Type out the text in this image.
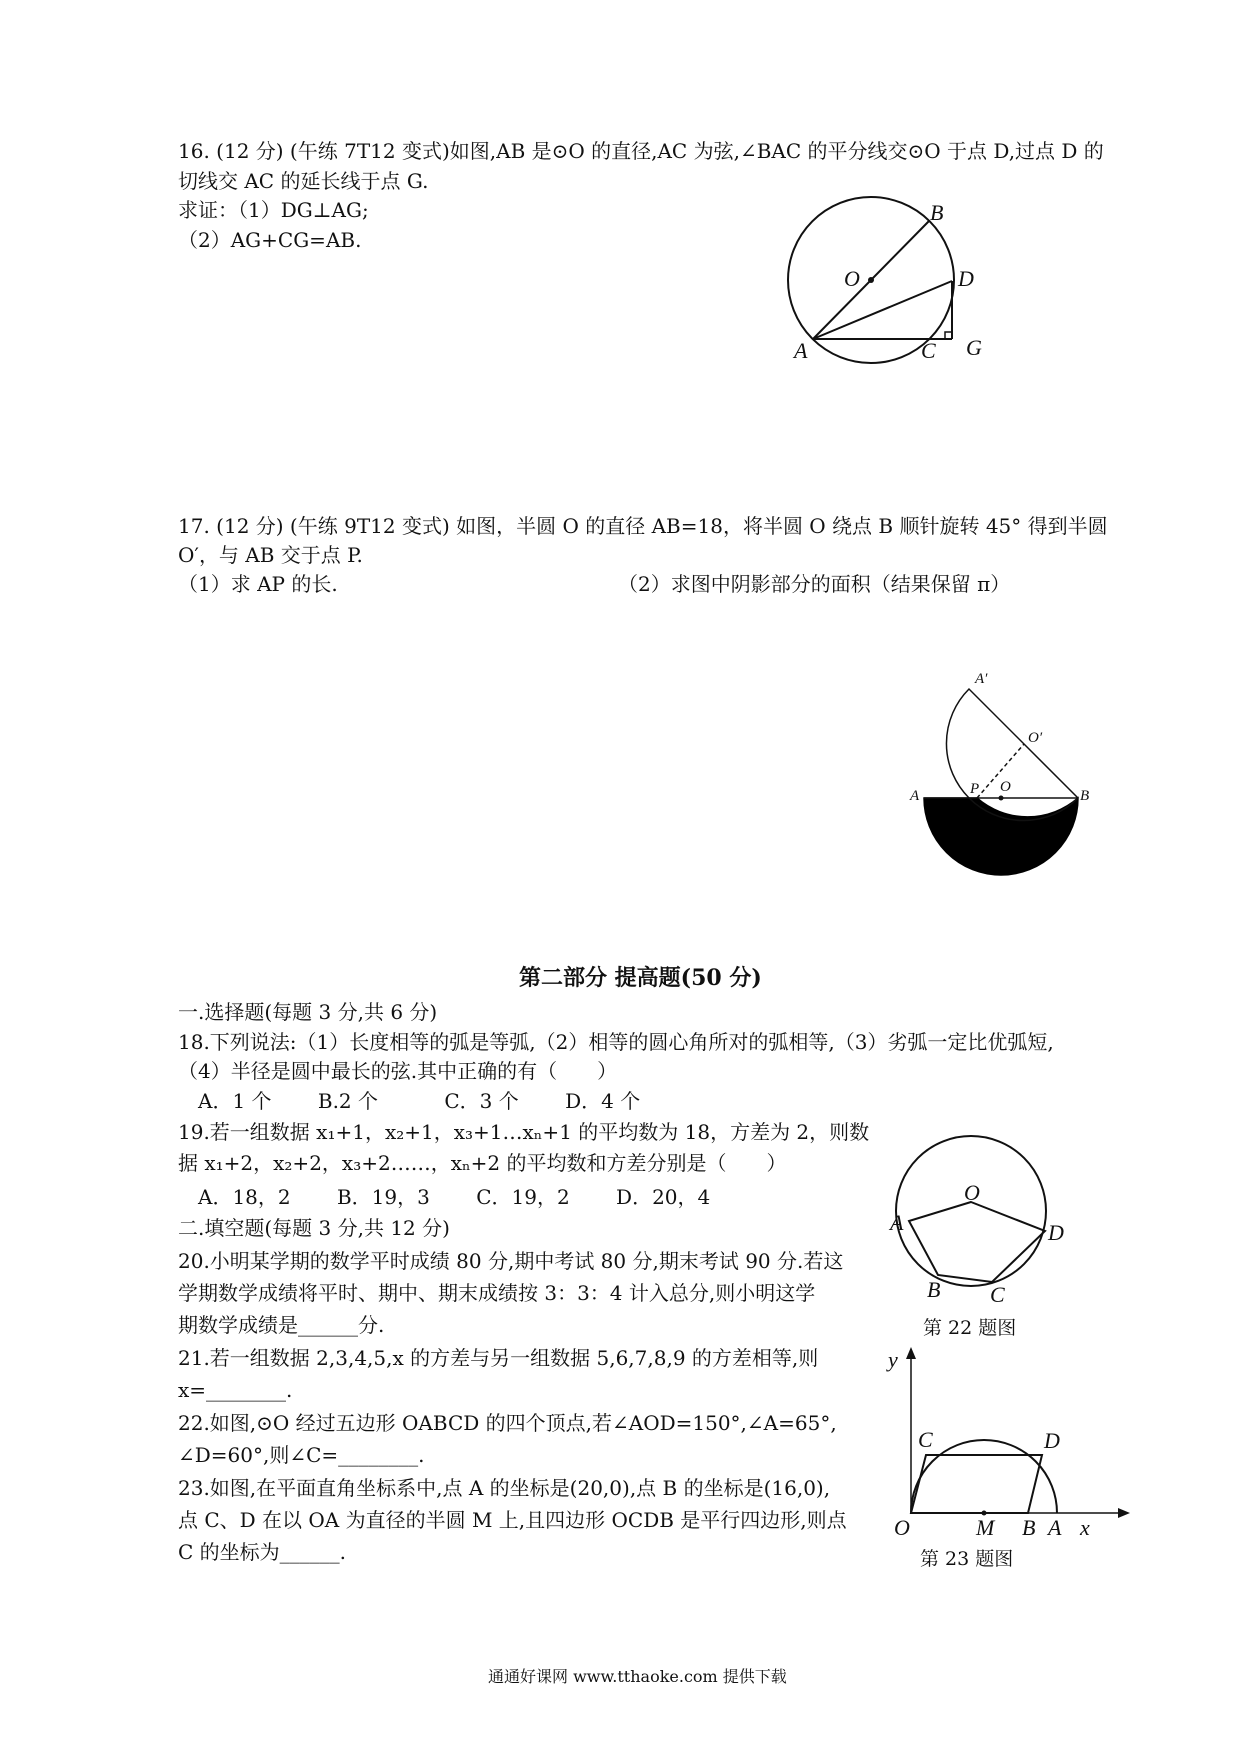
16. (12 分) (午练 7T12 变式)如图,AB 是⊙O 的直径,AC 为弦,∠BAC 的平分线交⊙O 于点 D,过点 D 的
切线交 AC 的延长线于点 G.
求证：（1）DG⊥AG;
（2）AG+CG=AB.
B
O	D
A	C G
17. (12 分) (午练 9T12 变式) 如图，半圆 O 的直径 AB=18，将半圆 O 绕点 B 顺针旋转 45° 得到半圆
O′，与 AB 交于点 P.
（1）求 AP 的长.	（2）求图中阴影部分的面积（结果保留 π）
A′
O′
P O
A	B
第二部分 提高题(50 分)
一.选择题(每题 3 分,共 6 分)
18.下列说法:（1）长度相等的弧是等弧,（2）相等的圆心角所对的弧相等,（3）劣弧一定比优弧短,
（4）半径是圆中最长的弦.其中正确的有（　　）
A．1 个　　 B.2 个　　　 C．3 个　　 D．4 个
19.若一组数据 x₁+1，x₂+1，x₃+1…xₙ+1 的平均数为 18，方差为 2，则数
据 x₁+2，x₂+2，x₃+2……，xₙ+2 的平均数和方差分别是（　　）
A．18，2　　 B．19，3　　 C．19，2　　 D．20，4
二.填空题(每题 3 分,共 12 分)
20.小明某学期的数学平时成绩 80 分,期中考试 80 分,期末考试 90 分.若这
学期数学成绩将平时、期中、期末成绩按 3：3：4 计入总分,则小明这学
期数学成绩是______分.
21.若一组数据 2,3,4,5,x 的方差与另一组数据 5,6,7,8,9 的方差相等,则
x=________.
22.如图,⊙O 经过五边形 OABCD 的四个顶点,若∠AOD=150°,∠A=65°,
∠D=60°,则∠C=________.
23.如图,在平面直角坐标系中,点 A 的坐标是(20,0),点 B 的坐标是(16,0),
点 C、D 在以 OA 为直径的半圆 M 上,且四边形 OCDB 是平行四边形,则点
C 的坐标为______.
O
A	D
B C
第 22 题图
y
C	D
O	M B A x
第 23 题图
通通好课网 www.tthaoke.com 提供下载
